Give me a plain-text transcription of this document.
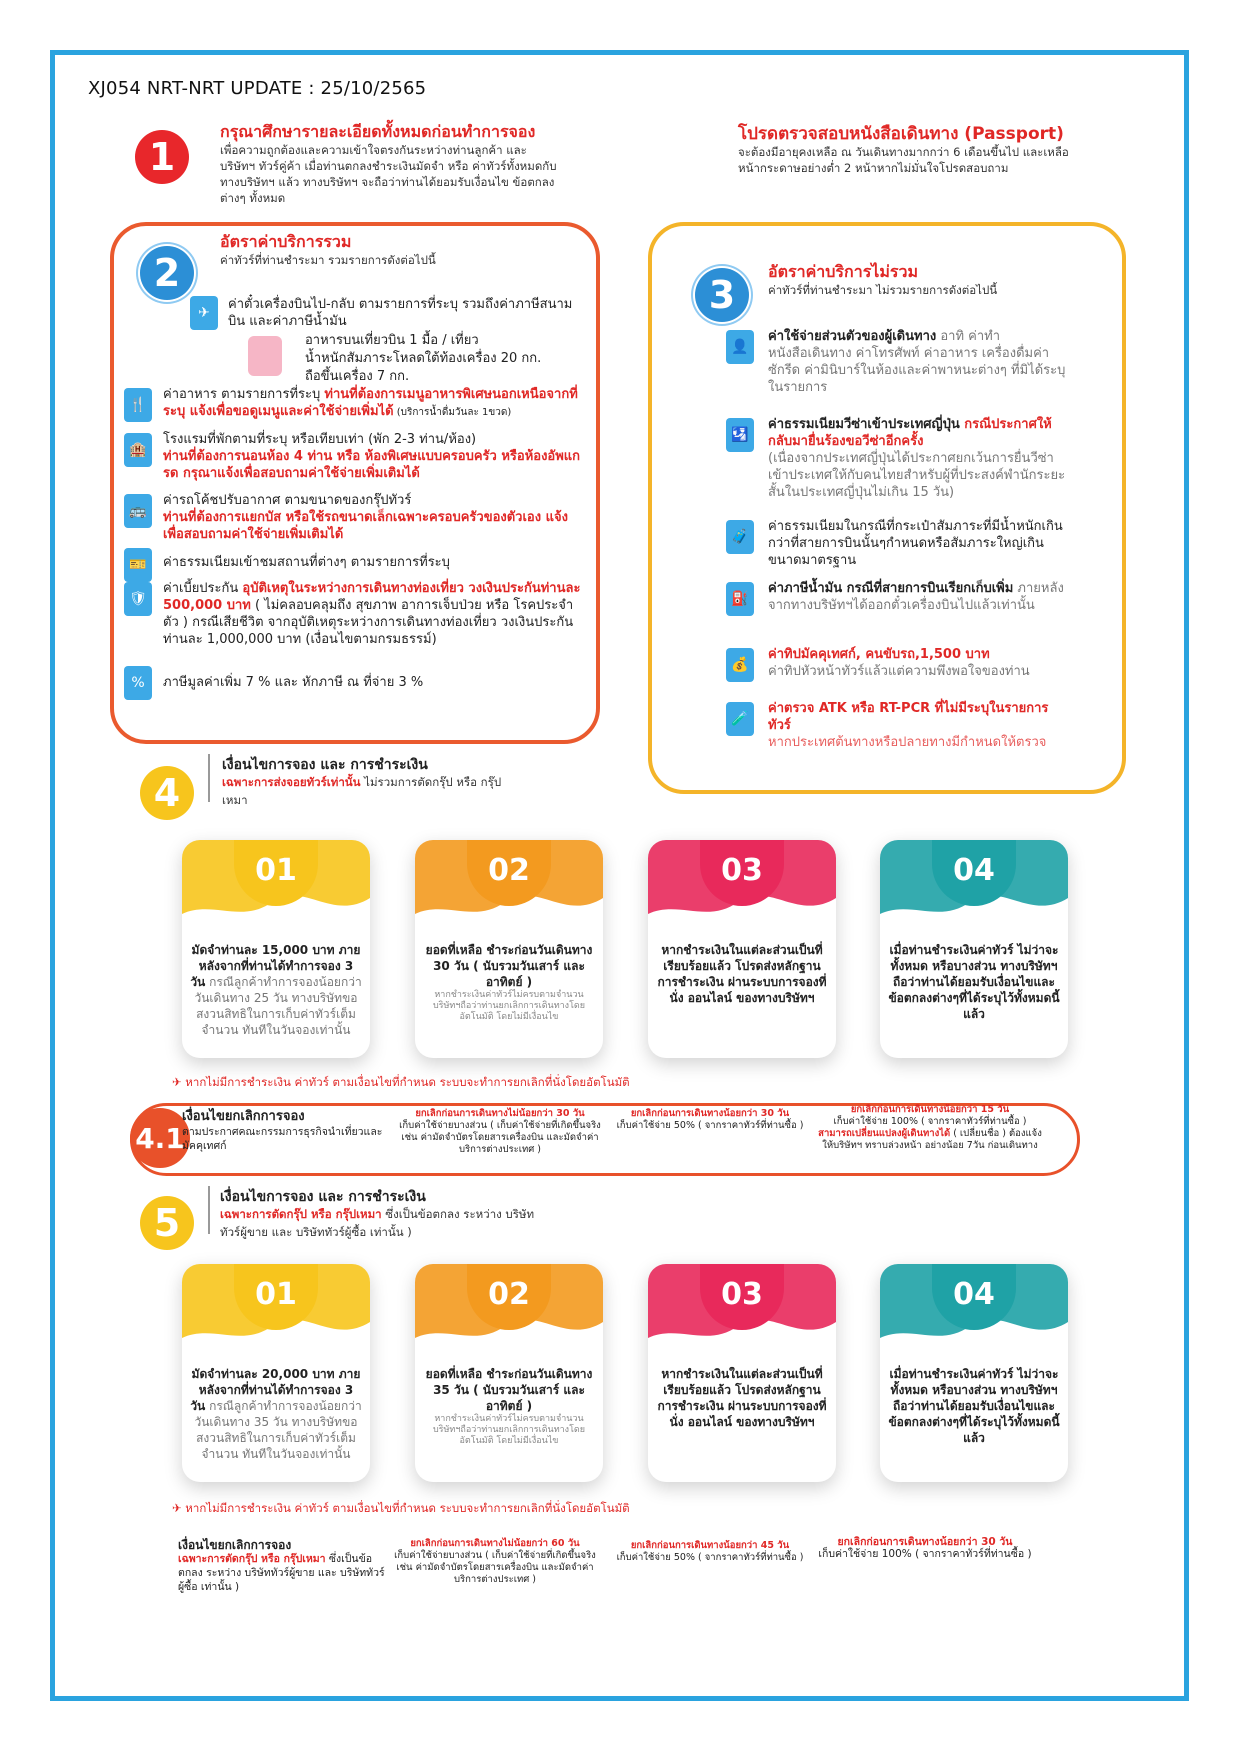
XJ054 NRT-NRT UPDATE : 25/10/2565
1
กรุณาศึกษารายละเอียดทั้งหมดก่อนทำการจอง
เพื่อความถูกต้องและความเข้าใจตรงกันระหว่างท่านลูกค้า และบริษัทฯ ทัวร์คู่ค้า เมื่อท่านตกลงชำระเงินมัดจำ หรือ ค่าทัวร์ทั้งหมดกับทางบริษัทฯ แล้ว ทางบริษัทฯ จะถือว่าท่านได้ยอมรับเงื่อนไข ข้อตกลงต่างๆ ทั้งหมด
โปรดตรวจสอบหนังสือเดินทาง (Passport)
จะต้องมีอายุคงเหลือ ณ วันเดินทางมากกว่า 6 เดือนขึ้นไป และเหลือหน้ากระดาษอย่างต่ำ 2 หน้าหากไม่มั่นใจโปรดสอบถาม
2
อัตราค่าบริการรวม
ค่าทัวร์ที่ท่านชำระมา รวมรายการดังต่อไปนี้
✈
ค่าตั๋วเครื่องบินไป-กลับ ตามรายการที่ระบุ รวมถึงค่าภาษีสนามบิน และค่าภาษีน้ำมัน
อาหารบนเที่ยวบิน 1 มื้อ / เที่ยว
น้ำหนักสัมภาระโหลดใต้ท้องเครื่อง 20 กก.
ถือขึ้นเครื่อง 7 กก.
🍴
ค่าอาหาร ตามรายการที่ระบุ ท่านที่ต้องการเมนูอาหารพิเศษนอกเหนือจากที่ระบุ แจ้งเพื่อขอดูเมนูและค่าใช้จ่ายเพิ่มได้ (บริการน้ำดื่มวันละ 1ขวด)
🏨
โรงแรมที่พักตามที่ระบุ หรือเทียบเท่า (พัก 2-3 ท่าน/ห้อง)
ท่านที่ต้องการนอนห้อง 4 ท่าน หรือ ห้องพิเศษแบบครอบครัว หรือห้องอัพแกรด กรุณาแจ้งเพื่อสอบถามค่าใช้จ่ายเพิ่มเติมได้
🚌
ค่ารถโค้ชปรับอากาศ ตามขนาดของกรุ๊ปทัวร์
ท่านที่ต้องการแยกบัส หรือใช้รถขนาดเล็กเฉพาะครอบครัวของตัวเอง แจ้งเพื่อสอบถามค่าใช้จ่ายเพิ่มเติมได้
🎫	ค่าธรรมเนียมเข้าชมสถานที่ต่างๆ ตามรายการที่ระบุ
🛡
ค่าเบี้ยประกัน อุบัติเหตุในระหว่างการเดินทางท่องเที่ยว วงเงินประกันท่านละ 500,000 บาท ( ไม่คลอบคลุมถึง สุขภาพ อาการเจ็บป่วย หรือ โรคประจำตัว ) กรณีเสียชีวิต จากอุบัติเหตุระหว่างการเดินทางท่องเที่ยว วงเงินประกันท่านละ 1,000,000 บาท (เงื่อนไขตามกรมธรรม์)
%	ภาษีมูลค่าเพิ่ม 7 % และ หักภาษี ณ ที่จ่าย 3 %
3
อัตราค่าบริการไม่รวม
ค่าทัวร์ที่ท่านชำระมา ไม่รวมรายการดังต่อไปนี้
👤
ค่าใช้จ่ายส่วนตัวของผู้เดินทาง อาทิ ค่าทำหนังสือเดินทาง ค่าโทรศัพท์ ค่าอาหาร เครื่องดื่มค่าซักรีด ค่ามินิบาร์ในห้องและค่าพาหนะต่างๆ ที่มิได้ระบุในรายการ
🛂
ค่าธรรมเนียมวีซ่าเข้าประเทศญี่ปุ่น กรณีประกาศให้กลับมายื่นร้องขอวีซ่าอีกครั้ง
(เนื่องจากประเทศญี่ปุ่นได้ประกาศยกเว้นการยื่นวีซ่าเข้าประเทศให้กับคนไทยสำหรับผู้ที่ประสงค์พำนักระยะสั้นในประเทศญี่ปุ่นไม่เกิน 15 วัน)
🧳
ค่าธรรมเนียมในกรณีที่กระเป๋าสัมภาระที่มีน้ำหนักเกินกว่าที่สายการบินนั้นๆกำหนดหรือสัมภาระใหญ่เกินขนาดมาตรฐาน
⛽
ค่าภาษีน้ำมัน กรณีที่สายการบินเรียกเก็บเพิ่ม ภายหลังจากทางบริษัทฯได้ออกตั๋วเครื่องบินไปแล้วเท่านั้น
💰
ค่าทิปมัคคุเทศก์, คนขับรถ,1,500 บาท
ค่าทิปหัวหน้าทัวร์แล้วแต่ความพึงพอใจของท่าน
🧪
ค่าตรวจ ATK หรือ RT-PCR ที่ไม่มีระบุในรายการทัวร์
หากประเทศต้นทางหรือปลายทางมีกำหนดให้ตรวจ
4
เงื่อนไขการจอง และ การชำระเงิน
เฉพาะการส่งจอยทัวร์เท่านั้น ไม่รวมการตัดกรุ๊ป หรือ กรุ๊ปเหมา
01
มัดจำท่านละ 15,000 บาท ภายหลังจากที่ท่านได้ทำการจอง 3 วัน กรณีลูกค้าทำการจองน้อยกว่าวันเดินทาง 25 วัน ทางบริษัทขอสงวนสิทธิในการเก็บค่าทัวร์เต็มจำนวน ทันทีในวันจองเท่านั้น
02
ยอดที่เหลือ ชำระก่อนวันเดินทาง 30 วัน ( นับรวมวันเสาร์ และอาทิตย์ )
หากชำระเงินค่าทัวร์ไม่ครบตามจำนวน บริษัทฯถือว่าท่านยกเลิกการเดินทางโดยอัตโนมัติ โดยไม่มีเงื่อนไข
03
หากชำระเงินในแต่ละส่วนเป็นที่เรียบร้อยแล้ว โปรดส่งหลักฐานการชำระเงิน ผ่านระบบการจองที่นั่ง ออนไลน์ ของทางบริษัทฯ
04
เมื่อท่านชำระเงินค่าทัวร์ ไม่ว่าจะทั้งหมด หรือบางส่วน ทางบริษัทฯถือว่าท่านได้ยอมรับเงื่อนไขและข้อตกลงต่างๆที่ได้ระบุไว้ทั้งหมดนี้แล้ว
✈ หากไม่มีการชำระเงิน ค่าทัวร์ ตามเงื่อนไขที่กำหนด ระบบจะทำการยกเลิกที่นั่งโดยอัตโนมัติ
4.1
เงื่อนไขยกเลิกการจอง
ตามประกาศคณะกรรมการธุรกิจนำเที่ยวและมัคคุเทศก์
ยกเลิกก่อนการเดินทางไม่น้อยกว่า 30 วัน
เก็บค่าใช้จ่ายบางส่วน ( เก็บค่าใช้จ่ายที่เกิดขึ้นจริง เช่น ค่ามัดจำบัตรโดยสารเครื่องบิน และมัดจำค่าบริการต่างประเทศ )
ยกเลิกก่อนการเดินทางน้อยกว่า 30 วัน
เก็บค่าใช้จ่าย 50% ( จากราคาทัวร์ที่ท่านซื้อ )
ยกเลิกก่อนการเดินทางน้อยกว่า 15 วัน
เก็บค่าใช้จ่าย 100% ( จากราคาทัวร์ที่ท่านซื้อ )
สามารถเปลี่ยนแปลงผู้เดินทางได้ ( เปลี่ยนชื่อ ) ต้องแจ้งให้บริษัทฯ ทราบล่วงหน้า อย่างน้อย 7วัน ก่อนเดินทาง
5
เงื่อนไขการจอง และ การชำระเงิน
เฉพาะการตัดกรุ๊ป หรือ กรุ๊ปเหมา ซึ่งเป็นข้อตกลง ระหว่าง บริษัททัวร์ผู้ขาย และ บริษัททัวร์ผู้ซื้อ เท่านั้น )
01
มัดจำท่านละ 20,000 บาท ภายหลังจากที่ท่านได้ทำการจอง 3 วัน กรณีลูกค้าทำการจองน้อยกว่าวันเดินทาง 35 วัน ทางบริษัทขอสงวนสิทธิในการเก็บค่าทัวร์เต็มจำนวน ทันทีในวันจองเท่านั้น
02
ยอดที่เหลือ ชำระก่อนวันเดินทาง 35 วัน ( นับรวมวันเสาร์ และอาทิตย์ )
หากชำระเงินค่าทัวร์ไม่ครบตามจำนวน บริษัทฯถือว่าท่านยกเลิกการเดินทางโดยอัตโนมัติ โดยไม่มีเงื่อนไข
03
หากชำระเงินในแต่ละส่วนเป็นที่เรียบร้อยแล้ว โปรดส่งหลักฐานการชำระเงิน ผ่านระบบการจองที่นั่ง ออนไลน์ ของทางบริษัทฯ
04
เมื่อท่านชำระเงินค่าทัวร์ ไม่ว่าจะทั้งหมด หรือบางส่วน ทางบริษัทฯถือว่าท่านได้ยอมรับเงื่อนไขและข้อตกลงต่างๆที่ได้ระบุไว้ทั้งหมดนี้แล้ว
✈ หากไม่มีการชำระเงิน ค่าทัวร์ ตามเงื่อนไขที่กำหนด ระบบจะทำการยกเลิกที่นั่งโดยอัตโนมัติ
เงื่อนไขยกเลิกการจอง
เฉพาะการตัดกรุ๊ป หรือ กรุ๊ปเหมา ซึ่งเป็นข้อตกลง ระหว่าง บริษัททัวร์ผู้ขาย และ บริษัททัวร์ผู้ซื้อ เท่านั้น )
ยกเลิกก่อนการเดินทางไม่น้อยกว่า 60 วัน
เก็บค่าใช้จ่ายบางส่วน ( เก็บค่าใช้จ่ายที่เกิดขึ้นจริง เช่น ค่ามัดจำบัตรโดยสารเครื่องบิน และมัดจำค่าบริการต่างประเทศ )
ยกเลิกก่อนการเดินทางน้อยกว่า 45 วัน
เก็บค่าใช้จ่าย 50% ( จากราคาทัวร์ที่ท่านซื้อ )
ยกเลิกก่อนการเดินทางน้อยกว่า 30 วัน
เก็บค่าใช้จ่าย 100% ( จากราคาทัวร์ที่ท่านซื้อ )
